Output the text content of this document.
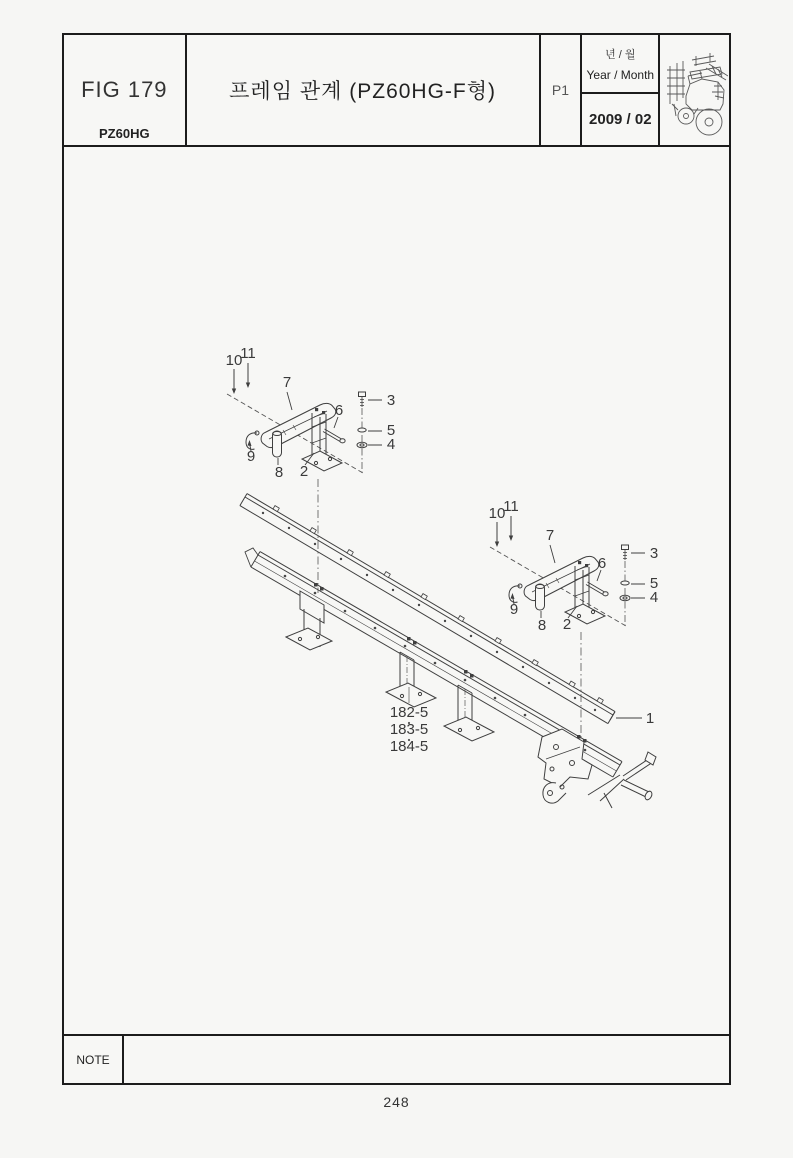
FIG 179
PZ60HG
프레임 관계 (PZ60HG-F형)	P1
년 / 월
Year / Month
2009 / 02
10
11
7
3
6
5
4
9
8 2
10
11
7
3
6
5
4
9
8 2
1
182-5
183-5
184-5
NOTE
248
